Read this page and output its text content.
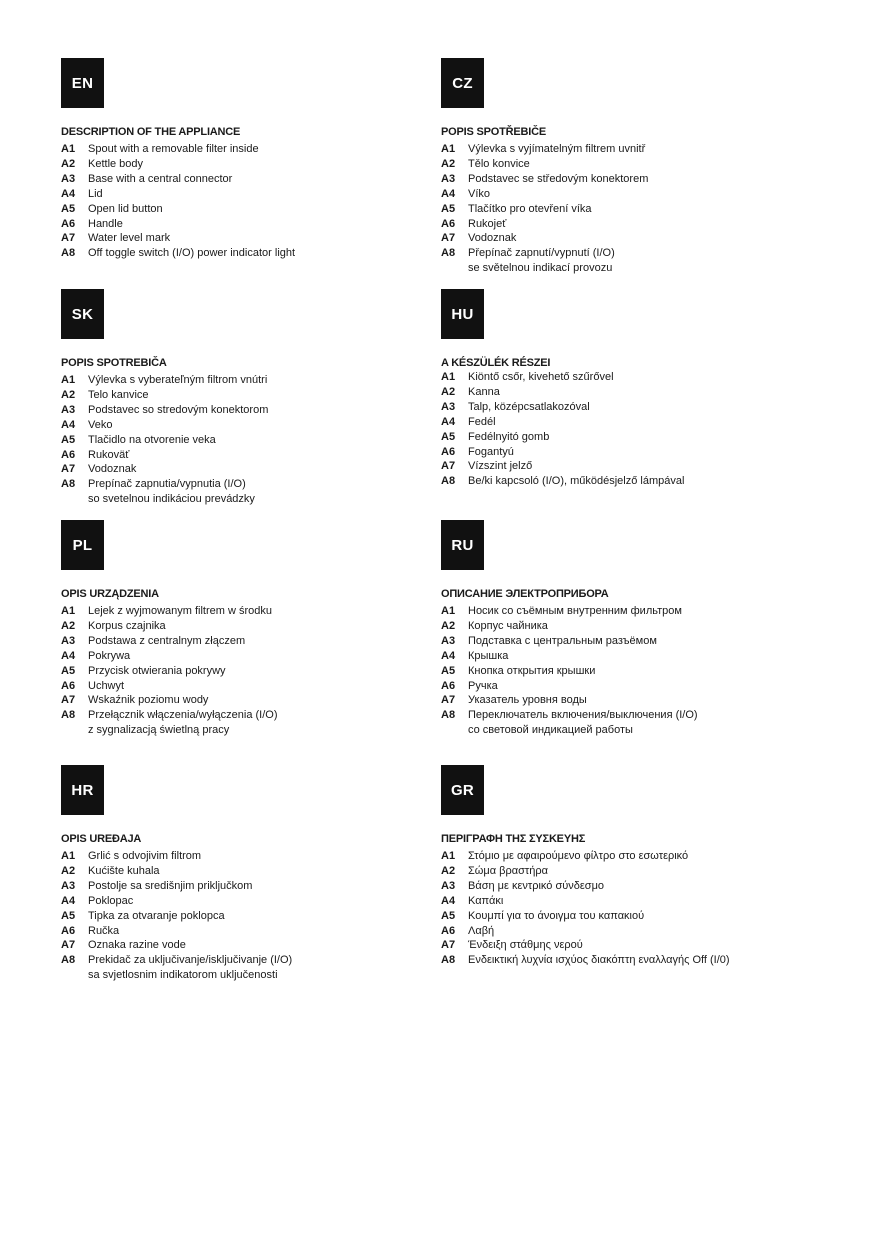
EN
DESCRIPTION OF THE APPLIANCE
A1	Spout with a removable filter inside
A2	Kettle body
A3	Base with a central connector
A4	Lid
A5	Open lid button
A6	Handle
A7	Water level mark
A8	Off toggle switch (I/O) power indicator light
CZ
POPIS SPOTŘEBIČE
A1	Výlevka s vyjímatelným filtrem uvnitř
A2	Tělo konvice
A3	Podstavec se středovým konektorem
A4	Víko
A5	Tlačítko pro otevření víka
A6	Rukojeť
A7	Vodoznak
A8	Přepínač zapnutí/vypnutí (I/O)
se světelnou indikací provozu
SK
POPIS SPOTREBIČA
A1	Výlevka s vyberateľným filtrom vnútri
A2	Telo kanvice
A3	Podstavec so stredovým konektorom
A4	Veko
A5	Tlačidlo na otvorenie veka
A6	Rukoväť
A7	Vodoznak
A8	Prepínač zapnutia/vypnutia (I/O)
so svetelnou indikáciou prevádzky
HU
A KÉSZÜLÉK RÉSZEI
A1	Kiöntő csőr, kivehető szűrővel
A2	Kanna
A3	Talp, középcsatlakozóval
A4	Fedél
A5	Fedélnyitó gomb
A6	Fogantyú
A7	Vízszint jelző
A8	Be/ki kapcsoló (I/O), működésjelző lámpával
PL
OPIS URZĄDZENIA
A1	Lejek z wyjmowanym filtrem w środku
A2	Korpus czajnika
A3	Podstawa z centralnym złączem
A4	Pokrywa
A5	Przycisk otwierania pokrywy
A6	Uchwyt
A7	Wskaźnik poziomu wody
A8	Przełącznik włączenia/wyłączenia (I/O)
z sygnalizacją świetlną pracy
RU
ОПИСАНИЕ ЭЛЕКТРОПРИБОРА
A1	Носик со съёмным внутренним фильтром
A2	Корпус чайника
A3	Подставка с центральным разъёмом
A4	Крышка
A5	Кнопка открытия крышки
A6	Ручка
A7	Указатель уровня воды
A8	Переключатель включения/выключения (I/O)
со световой индикацией работы
HR
OPIS UREĐAJA
A1	Grlić s odvojivim filtrom
A2	Kućište kuhala
A3	Postolje sa središnjim priključkom
A4	Poklopac
A5	Tipka za otvaranje poklopca
A6	Ručka
A7	Oznaka razine vode
A8	Prekidač za uključivanje/isključivanje (I/O)
sa svjetlosnim indikatorom uključenosti
GR
ΠΕΡΙΓΡΑΦΗ ΤΗΣ ΣΥΣΚΕΥΗΣ
A1	Στόμιο με αφαιρούμενο φίλτρο στο εσωτερικό
A2	Σώμα βραστήρα
A3	Βάση με κεντρικό σύνδεσμο
A4	Καπάκι
A5	Κουμπί για το άνοιγμα του καπακιού
A6	Λαβή
A7	Ένδειξη στάθμης νερού
A8	Ενδεικτική λυχνία ισχύος διακόπτη εναλλαγής Off (I/0)
